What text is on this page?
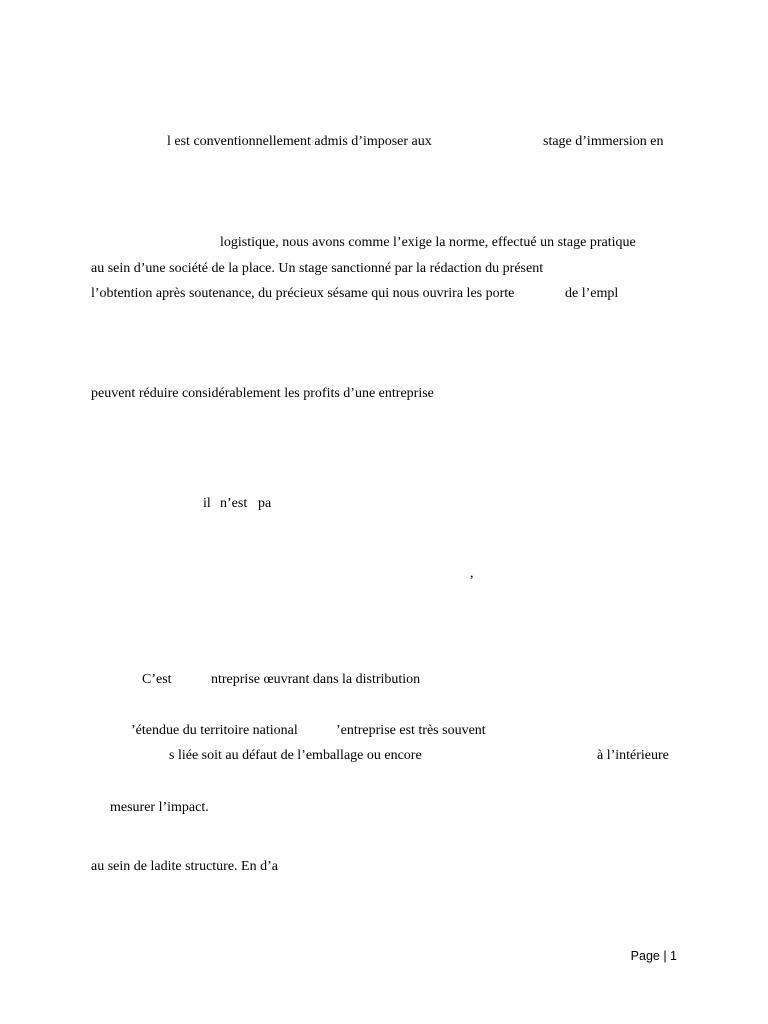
l est conventionnellement admis d’imposer aux	stage d’immersion en
logistique, nous avons comme l’exige la norme, effectué un stage pratique
au sein d’une société de la place. Un stage sanctionné par la rédaction du présent
l’obtention après soutenance, du précieux sésame qui nous ouvrira les porte	de l’empl
peuvent réduire considérablement les profits d’une entreprise
il n’est pa
,
C’est	ntreprise œuvrant dans la distribution
’étendue du territoire national	’entreprise est très souvent
s liée soit au défaut de l’emballage ou encore	à l’intérieure
mesurer l’impact.
au sein de ladite structure. En d’a
Page | 1
